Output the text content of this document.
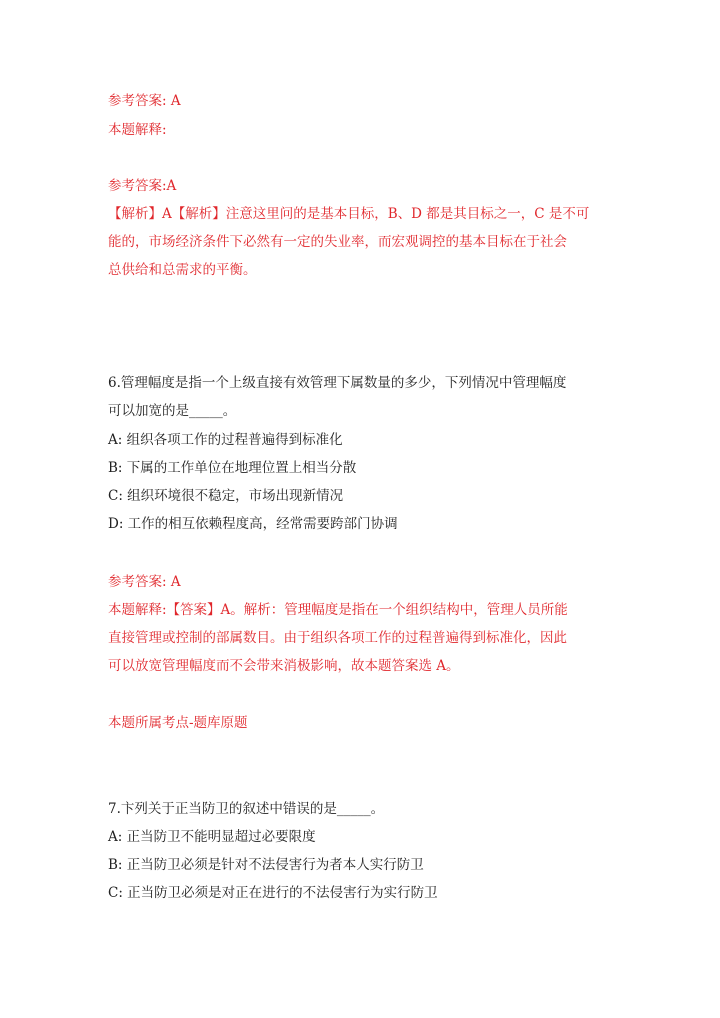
参考答案: A
本题解释:
参考答案:A
【解析】A【解析】注意这里问的是基本目标，B、D 都是其目标之一，C 是不可
能的，市场经济条件下必然有一定的失业率，而宏观调控的基本目标在于社会
总供给和总需求的平衡。
6.管理幅度是指一个上级直接有效管理下属数量的多少，下列情况中管理幅度
可以加宽的是_____。
A: 组织各项工作的过程普遍得到标准化
B: 下属的工作单位在地理位置上相当分散
C: 组织环境很不稳定，市场出现新情况
D: 工作的相互依赖程度高，经常需要跨部门协调
参考答案: A
本题解释:【答案】A。解析：管理幅度是指在一个组织结构中，管理人员所能
直接管理或控制的部属数目。由于组织各项工作的过程普遍得到标准化，因此
可以放宽管理幅度而不会带来消极影响，故本题答案选 A。
本题所属考点-题库原题
7.卞列关于正当防卫的叙述中错误的是_____。
A: 正当防卫不能明显超过必要限度
B: 正当防卫必须是针对不法侵害行为者本人实行防卫
C: 正当防卫必须是对正在进行的不法侵害行为实行防卫
